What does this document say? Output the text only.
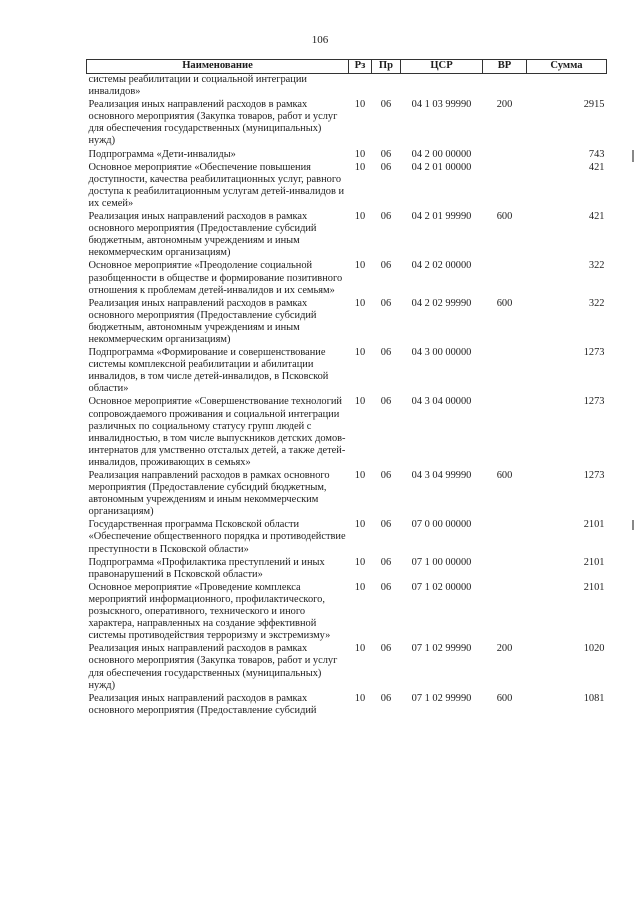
106
Наименование	Рз	Пр	ЦСР	ВР	Сумма
системы реабилитации и социальной интеграции инвалидов»					
Реализация иных направлений расходов в рамках основного мероприятия (Закупка товаров, работ и услуг для обеспечения государственных (муниципальных) нужд)	10	06	04 1 03 99990	200	2915
Подпрограмма «Дети-инвалиды»	10	06	04 2 00 00000		743
Основное мероприятие «Обеспечение повышения доступности, качества реабилитационных услуг, равного доступа к реабилитационным услугам детей-инвалидов и их семей»	10	06	04 2 01 00000		421
Реализация иных направлений расходов в рамках основного мероприятия (Предоставление субсидий бюджетным, автономным учреждениям и иным некоммерческим организациям)	10	06	04 2 01 99990	600	421
Основное мероприятие «Преодоление социальной разобщенности в обществе и формирование позитивного отношения к проблемам детей-инвалидов и их семьям»	10	06	04 2 02 00000		322
Реализация иных направлений расходов в рамках основного мероприятия (Предоставление субсидий бюджетным, автономным учреждениям и иным некоммерческим организациям)	10	06	04 2 02 99990	600	322
Подпрограмма «Формирование и совершенствование системы комплексной реабилитации и абилитации инвалидов, в том числе детей-инвалидов, в Псковской области»	10	06	04 3 00 00000		1273
Основное мероприятие «Совершенствование технологий сопровождаемого проживания и социальной интеграции различных по социальному статусу групп людей с инвалидностью, в том числе выпускников детских домов-интернатов для умственно отсталых детей, а также детей-инвалидов, проживающих в семьях»	10	06	04 3 04 00000		1273
Реализация направлений расходов в рамках основного мероприятия (Предоставление субсидий бюджетным, автономным учреждениям и иным некоммерческим организациям)	10	06	04 3 04 99990	600	1273
Государственная программа Псковской области «Обеспечение общественного порядка и противодействие преступности в Псковской области»	10	06	07 0 00 00000		2101
Подпрограмма «Профилактика преступлений и иных правонарушений в Псковской области»	10	06	07 1 00 00000		2101
Основное мероприятие «Проведение комплекса мероприятий информационного, профилактического, розыскного, оперативного, технического и иного характера, направленных на создание эффективной системы противодействия терроризму и экстремизму»	10	06	07 1 02 00000		2101
Реализация иных направлений расходов в рамках основного мероприятия (Закупка товаров, работ и услуг для обеспечения государственных (муниципальных) нужд)	10	06	07 1 02 99990	200	1020
Реализация иных направлений расходов в рамках основного мероприятия (Предоставление субсидий	10	06	07 1 02 99990	600	1081
